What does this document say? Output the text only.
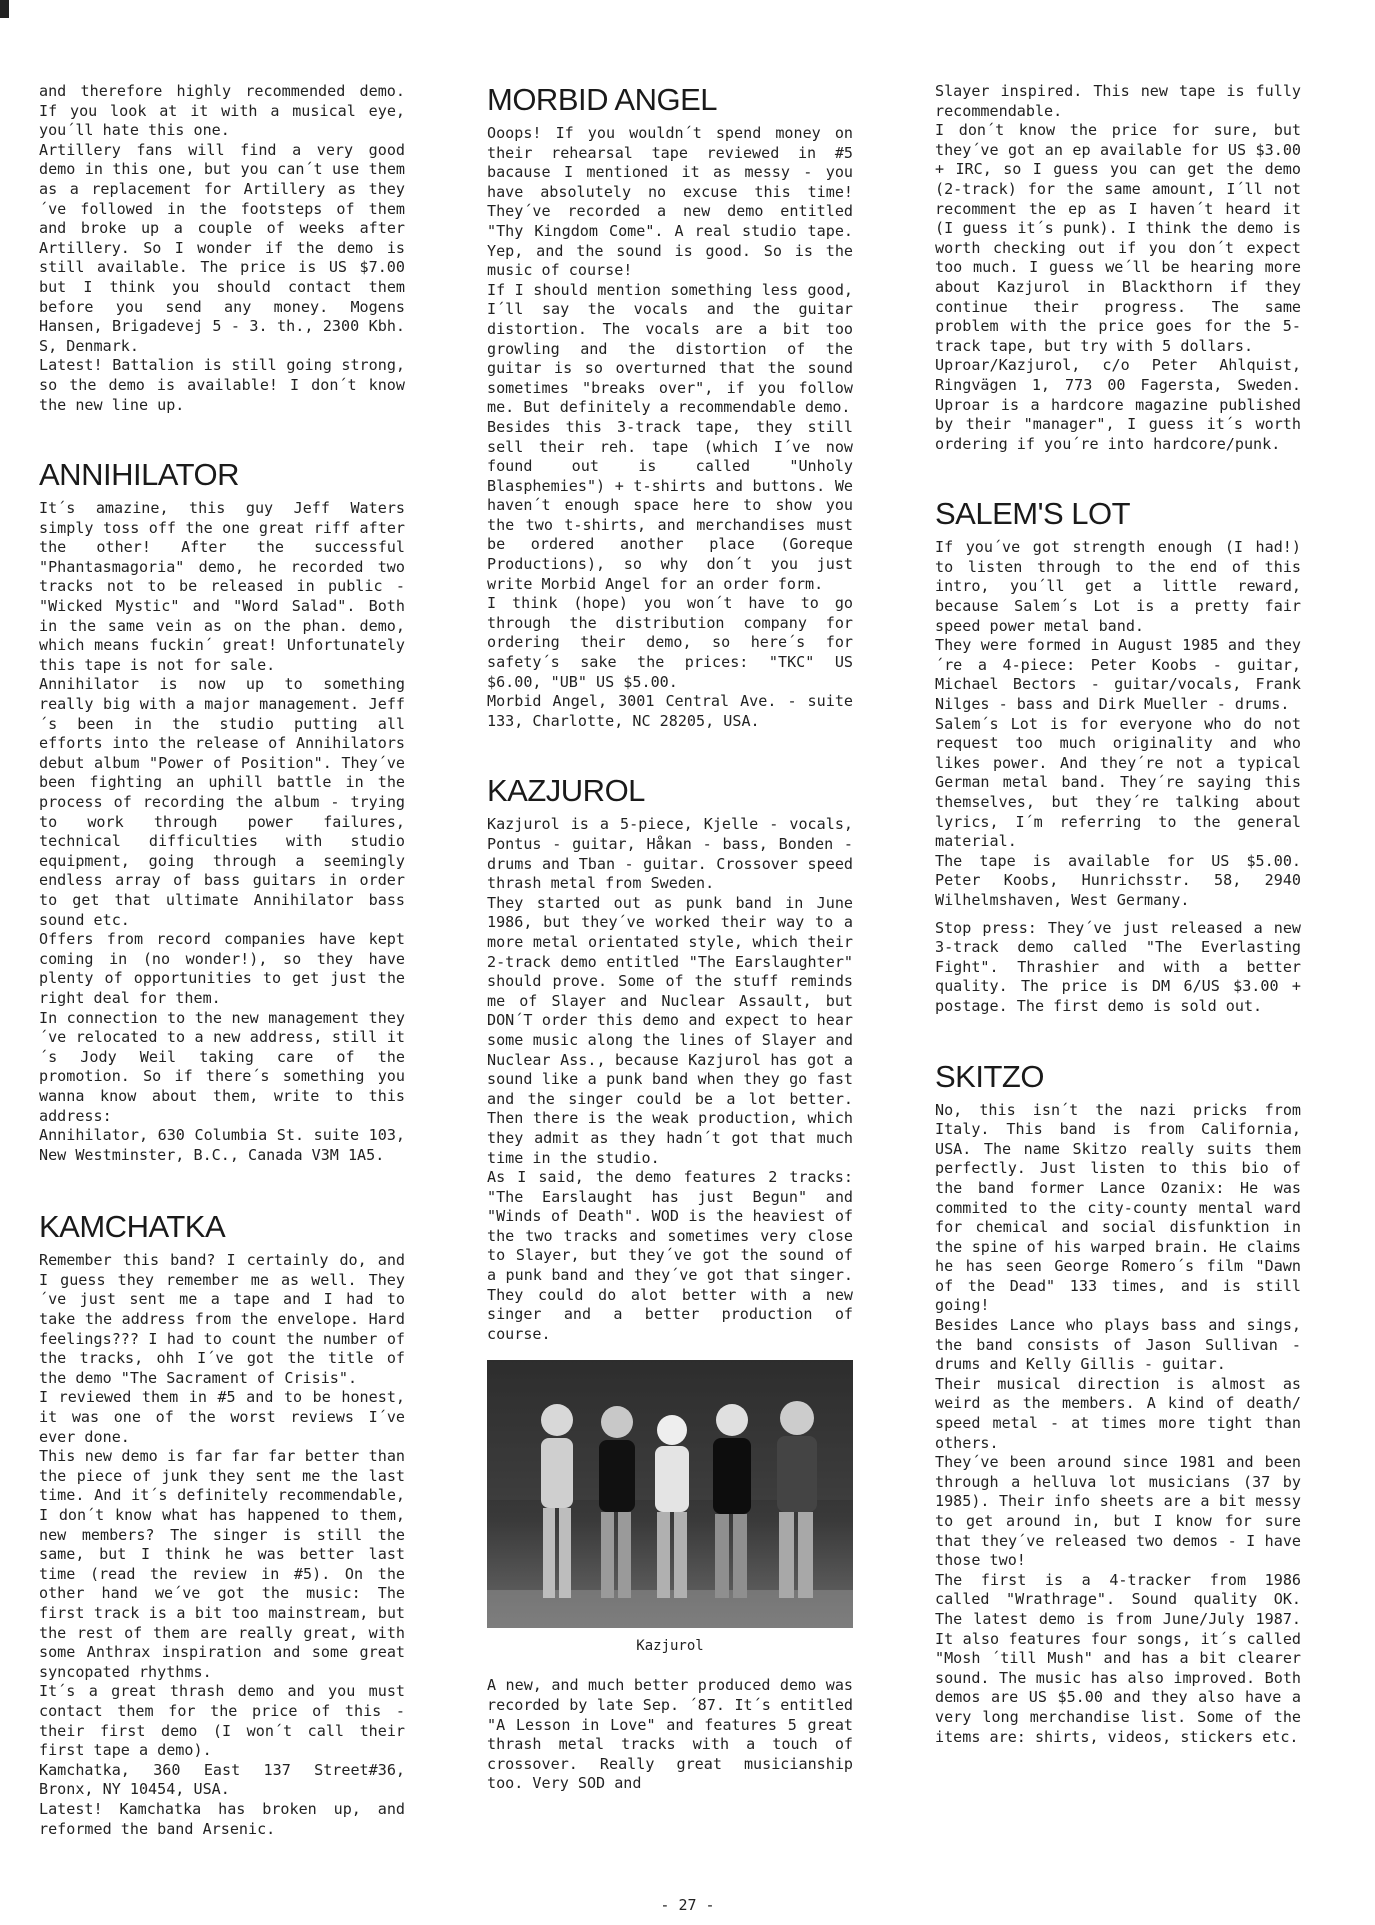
and therefore highly recommended demo. If you look at it with a musical eye, you´ll hate this one.

Artillery fans will find a very good demo in this one, but you can´t use them as a replacement for Artillery as they´ve followed in the footsteps of them and broke up a couple of weeks after Artillery. So I wonder if the demo is still available. The price is US $7.00 but I think you should contact them before you send any money. Mogens Hansen, Brigadevej 5 - 3. th., 2300 Kbh. S, Denmark.

Latest! Battalion is still going strong, so the demo is available! I don´t know the new line up.

ANNIHILATOR

It´s amazine, this guy Jeff Waters simply toss off the one great riff after the other! After the successful "Phantasmagoria" demo, he recorded two tracks not to be released in public - "Wicked Mystic" and "Word Salad". Both in the same vein as on the phan. demo, which means fuckin´ great! Unfortunately this tape is not for sale.

Annihilator is now up to something really big with a major management. Jeff´s been in the studio putting all efforts into the release of Annihilators debut album "Power of Position". They´ve been fighting an uphill battle in the process of recording the album - trying to work through power failures, technical difficulties with studio equipment, going through a seemingly endless array of bass guitars in order to get that ultimate Annihilator bass sound etc.

Offers from record companies have kept coming in (no wonder!), so they have plenty of opportunities to get just the right deal for them.

In connection to the new management they´ve relocated to a new address, still it´s Jody Weil taking care of the promotion. So if there´s something you wanna know about them, write to this address:

Annihilator, 630 Columbia St. suite 103, New Westminster, B.C., Canada V3M 1A5.

KAMCHATKA

Remember this band? I certainly do, and I guess they remember me as well. They´ve just sent me a tape and I had to take the address from the envelope. Hard feelings??? I had to count the number of the tracks, ohh I´ve got the title of the demo "The Sacrament of Crisis".

I reviewed them in #5 and to be honest, it was one of the worst reviews I´ve ever done.

This new demo is far far far better than the piece of junk they sent me the last time. And it´s definitely recommendable, I don´t know what has happened to them, new members? The singer is still the same, but I think he was better last time (read the review in #5). On the other hand we´ve got the music: The first track is a bit too mainstream, but the rest of them are really great, with some Anthrax inspiration and some great syncopated rhythms.

It´s a great thrash demo and you must contact them for the price of this - their first demo (I won´t call their first tape a demo).

Kamchatka, 360 East 137 Street#36, Bronx, NY 10454, USA.

Latest! Kamchatka has broken up, and reformed the band Arsenic.

MORBID ANGEL

Ooops! If you wouldn´t spend money on their rehearsal tape reviewed in #5 bacause I mentioned it as messy - you have absolutely no excuse this time! They´ve recorded a new demo entitled "Thy Kingdom Come". A real studio tape. Yep, and the sound is good. So is the music of course!

If I should mention something less good, I´ll say the vocals and the guitar distortion. The vocals are a bit too growling and the distortion of the guitar is so overturned that the sound sometimes "breaks over", if you follow me. But definitely a recommendable demo.

Besides this 3-track tape, they still sell their reh. tape (which I´ve now found out is called "Unholy Blasphemies") + t-shirts and buttons. We haven´t enough space here to show you the two t-shirts, and merchandises must be ordered another place (Goreque Productions), so why don´t you just write Morbid Angel for an order form.

I think (hope) you won´t have to go through the distribution company for ordering their demo, so here´s for safety´s sake the prices: "TKC" US $6.00, "UB" US $5.00.

Morbid Angel, 3001 Central Ave. - suite 133, Charlotte, NC 28205, USA.

KAZJUROL

Kazjurol is a 5-piece, Kjelle - vocals, Pontus - guitar, Håkan - bass, Bonden - drums and Tban - guitar. Crossover speed thrash metal from Sweden.

They started out as punk band in June 1986, but they´ve worked their way to a more metal orientated style, which their 2-track demo entitled "The Earslaughter" should prove. Some of the stuff reminds me of Slayer and Nuclear Assault, but DON´T order this demo and expect to hear some music along the lines of Slayer and Nuclear Ass., because Kazjurol has got a sound like a punk band when they go fast and the singer could be a lot better. Then there is the weak production, which they admit as they hadn´t got that much time in the studio.

As I said, the demo features 2 tracks: "The Earslaught has just Begun" and "Winds of Death". WOD is the heaviest of the two tracks and sometimes very close to Slayer, but they´ve got the sound of a punk band and they´ve got that singer. They could do alot better with a new singer and a better production of course.

Kazjurol

A new, and much better produced demo was recorded by late Sep. ´87. It´s entitled "A Lesson in Love" and features 5 great thrash metal tracks with a touch of crossover. Really great musicianship too. Very SOD and

Slayer inspired. This new tape is fully recommendable.

I don´t know the price for sure, but they´ve got an ep available for US $3.00 + IRC, so I guess you can get the demo (2-track) for the same amount, I´ll not recomment the ep as I haven´t heard it (I guess it´s punk). I think the demo is worth checking out if you don´t expect too much. I guess we´ll be hearing more about Kazjurol in Blackthorn if they continue their progress. The same problem with the price goes for the 5-track tape, but try with 5 dollars.

Uproar/Kazjurol, c/o Peter Ahlquist, Ringvägen 1, 773 00 Fagersta, Sweden. Uproar is a hardcore magazine published by their "manager", I guess it´s worth ordering if you´re into hardcore/punk.

SALEM'S LOT

If you´ve got strength enough (I had!) to listen through to the end of this intro, you´ll get a little reward, because Salem´s Lot is a pretty fair speed power metal band.

They were formed in August 1985 and they´re a 4-piece: Peter Koobs - guitar, Michael Bectors - guitar/vocals, Frank Nilges - bass and Dirk Mueller - drums.

Salem´s Lot is for everyone who do not request too much originality and who likes power. And they´re not a typical German metal band. They´re saying this themselves, but they´re talking about lyrics, I´m referring to the general material.

The tape is available for US $5.00. Peter Koobs, Hunrichsstr. 58, 2940 Wilhelmshaven, West Germany.

Stop press: They´ve just released a new 3-track demo called "The Everlasting Fight". Thrashier and with a better quality. The price is DM 6/US $3.00 + postage. The first demo is sold out.

SKITZO

No, this isn´t the nazi pricks from Italy. This band is from California, USA. The name Skitzo really suits them perfectly. Just listen to this bio of the band former Lance Ozanix: He was commited to the city-county mental ward for chemical and social disfunktion in the spine of his warped brain. He claims he has seen George Romero´s film "Dawn of the Dead" 133 times, and is still going!

Besides Lance who plays bass and sings, the band consists of Jason Sullivan - drums and Kelly Gillis - guitar.

Their musical direction is almost as weird as the members. A kind of death/ speed metal - at times more tight than others.

They´ve been around since 1981 and been through a helluva lot musicians (37 by 1985). Their info sheets are a bit messy to get around in, but I know for sure that they´ve released two demos - I have those two!

The first is a 4-tracker from 1986 called "Wrathrage". Sound quality OK. The latest demo is from June/July 1987. It also features four songs, it´s called "Mosh ´till Mush" and has a bit clearer sound. The music has also improved. Both demos are US $5.00 and they also have a very long merchandise list. Some of the items are: shirts, videos, stickers etc.

- 27 -
